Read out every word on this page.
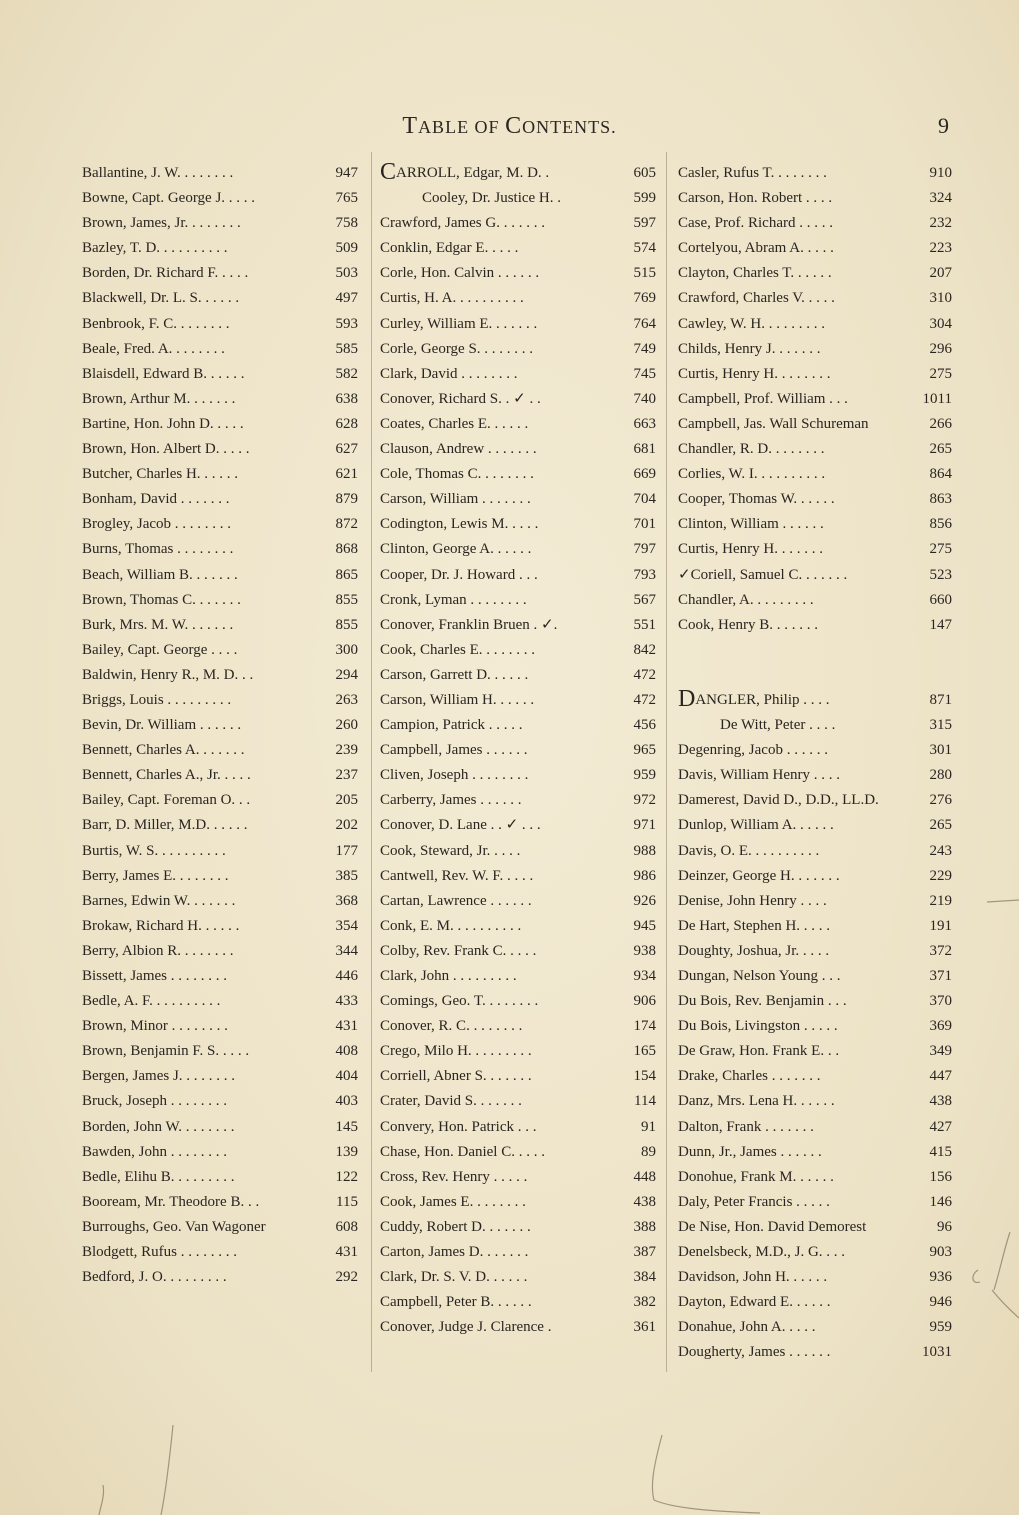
TABLE OF CONTENTS.	9
Ballantine, J. W. . . . . . . .	947
Bowne, Capt. George J. . . . .	765
Brown, James, Jr. . . . . . . .	758
Bazley, T. D. . . . . . . . . .	509
Borden, Dr. Richard F. . . . .	503
Blackwell, Dr. L. S. . . . . .	497
Benbrook, F. C. . . . . . . .	593
Beale, Fred. A. . . . . . . .	585
Blaisdell, Edward B. . . . . .	582
Brown, Arthur M. . . . . . .	638
Bartine, Hon. John D. . . . .	628
Brown, Hon. Albert D. . . . .	627
Butcher, Charles H. . . . . .	621
Bonham, David . . . . . . .	879
Brogley, Jacob . . . . . . . .	872
Burns, Thomas . . . . . . . .	868
Beach, William B. . . . . . .	865
Brown, Thomas C. . . . . . .	855
Burk, Mrs. M. W. . . . . . .	855
Bailey, Capt. George . . . .	300
Baldwin, Henry R., M. D. . .	294
Briggs, Louis . . . . . . . . .	263
Bevin, Dr. William . . . . . .	260
Bennett, Charles A. . . . . . .	239
Bennett, Charles A., Jr. . . . .	237
Bailey, Capt. Foreman O. . .	205
Barr, D. Miller, M.D. . . . . .	202
Burtis, W. S. . . . . . . . . .	177
Berry, James E. . . . . . . .	385
Barnes, Edwin W. . . . . . .	368
Brokaw, Richard H. . . . . .	354
Berry, Albion R. . . . . . . .	344
Bissett, James . . . . . . . .	446
Bedle, A. F. . . . . . . . . .	433
Brown, Minor . . . . . . . .	431
Brown, Benjamin F. S. . . . .	408
Bergen, James J. . . . . . . .	404
Bruck, Joseph . . . . . . . .	403
Borden, John W. . . . . . . .	145
Bawden, John . . . . . . . .	139
Bedle, Elihu B. . . . . . . . .	122
Booream, Mr. Theodore B. . .	115
Burroughs, Geo. Van Wagoner	608
Blodgett, Rufus . . . . . . . .	431
Bedford, J. O. . . . . . . . .	292
CARROLL, Edgar, M. D. .	605
Cooley, Dr. Justice H. .	599
Crawford, James G. . . . . . .	597
Conklin, Edgar E. . . . .	574
Corle, Hon. Calvin . . . . . .	515
Curtis, H. A. . . . . . . . . .	769
Curley, William E. . . . . . .	764
Corle, George S. . . . . . . .	749
Clark, David . . . . . . . .	745
Conover, Richard S. . ✓ . .	740
Coates, Charles E. . . . . .	663
Clauson, Andrew . . . . . . .	681
Cole, Thomas C. . . . . . . .	669
Carson, William . . . . . . .	704
Codington, Lewis M. . . . .	701
Clinton, George A. . . . . .	797
Cooper, Dr. J. Howard . . .	793
Cronk, Lyman . . . . . . . .	567
Conover, Franklin Bruen . ✓.	551
Cook, Charles E. . . . . . . .	842
Carson, Garrett D. . . . . .	472
Carson, William H. . . . . .	472
Campion, Patrick . . . . .	456
Campbell, James . . . . . .	965
Cliven, Joseph . . . . . . . .	959
Carberry, James . . . . . .	972
Conover, D. Lane . . ✓ . . .	971
Cook, Steward, Jr. . . . .	988
Cantwell, Rev. W. F. . . . .	986
Cartan, Lawrence . . . . . .	926
Conk, E. M. . . . . . . . . .	945
Colby, Rev. Frank C. . . . .	938
Clark, John . . . . . . . . .	934
Comings, Geo. T. . . . . . . .	906
Conover, R. C. . . . . . . .	174
Crego, Milo H. . . . . . . . .	165
Corriell, Abner S. . . . . . .	154
Crater, David S. . . . . . .	114
Convery, Hon. Patrick . . .	91
Chase, Hon. Daniel C. . . . .	89
Cross, Rev. Henry . . . . .	448
Cook, James E. . . . . . . .	438
Cuddy, Robert D. . . . . . .	388
Carton, James D. . . . . . .	387
Clark, Dr. S. V. D. . . . . .	384
Campbell, Peter B. . . . . .	382
Conover, Judge J. Clarence .	361
Casler, Rufus T. . . . . . . .	910
Carson, Hon. Robert . . . .	324
Case, Prof. Richard . . . . .	232
Cortelyou, Abram A. . . . .	223
Clayton, Charles T. . . . . .	207
Crawford, Charles V. . . . .	310
Cawley, W. H. . . . . . . . .	304
Childs, Henry J. . . . . . .	296
Curtis, Henry H. . . . . . . .	275
Campbell, Prof. William . . .	1011
Campbell, Jas. Wall Schureman	266
Chandler, R. D. . . . . . . .	265
Corlies, W. I. . . . . . . . . .	864
Cooper, Thomas W. . . . . .	863
Clinton, William . . . . . .	856
Curtis, Henry H. . . . . . .	275
✓Coriell, Samuel C. . . . . . .	523
Chandler, A. . . . . . . . .	660
Cook, Henry B. . . . . . .	147
DANGLER, Philip . . . .	871
De Witt, Peter . . . .	315
Degenring, Jacob . . . . . .	301
Davis, William Henry . . . .	280
Damerest, David D., D.D., LL.D.	276
Dunlop, William A. . . . . .	265
Davis, O. E. . . . . . . . . .	243
Deinzer, George H. . . . . . .	229
Denise, John Henry . . . .	219
De Hart, Stephen H. . . . .	191
Doughty, Joshua, Jr. . . . .	372
Dungan, Nelson Young . . .	371
Du Bois, Rev. Benjamin . . .	370
Du Bois, Livingston . . . . .	369
De Graw, Hon. Frank E. . .	349
Drake, Charles . . . . . . .	447
Danz, Mrs. Lena H. . . . . .	438
Dalton, Frank . . . . . . .	427
Dunn, Jr., James . . . . . .	415
Donohue, Frank M. . . . . .	156
Daly, Peter Francis . . . . .	146
De Nise, Hon. David Demorest	96
Denelsbeck, M.D., J. G. . . .	903
Davidson, John H. . . . . .	936
Dayton, Edward E. . . . . .	946
Donahue, John A. . . . .	959
Dougherty, James . . . . . .	1031
